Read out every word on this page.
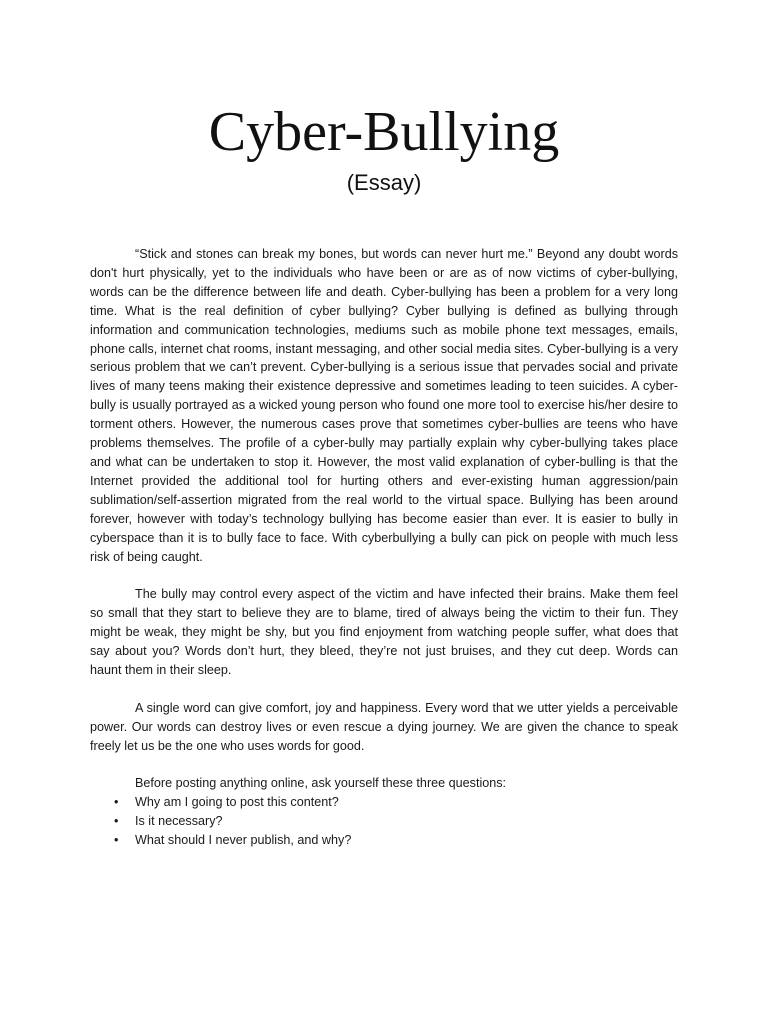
Cyber-Bullying
(Essay)

“Stick and stones can break my bones, but words can never hurt me.” Beyond any doubt words don't hurt physically, yet to the individuals who have been or are as of now victims of cyber-bullying, words can be the difference between life and death. Cyber-bullying has been a problem for a very long time. What is the real definition of cyber bullying? Cyber bullying is defined as bullying through information and communication technologies, mediums such as mobile phone text messages, emails, phone calls, internet chat rooms, instant messaging, and other social media sites. Cyber-bullying is a very serious problem that we can’t prevent. Cyber-bullying is a serious issue that pervades social and private lives of many teens making their existence depressive and sometimes leading to teen suicides. A cyber-bully is usually portrayed as a wicked young person who found one more tool to exercise his/her desire to torment others. However, the numerous cases prove that sometimes cyber-bullies are teens who have problems themselves. The profile of a cyber-bully may partially explain why cyber-bullying takes place and what can be undertaken to stop it. However, the most valid explanation of cyber-bulling is that the Internet provided the additional tool for hurting others and ever-existing human aggression/pain sublimation/self-assertion migrated from the real world to the virtual space. Bullying has been around forever, however with today’s technology bullying has become easier than ever. It is easier to bully in cyberspace than it is to bully face to face. With cyberbullying a bully can pick on people with much less risk of being caught.

The bully may control every aspect of the victim and have infected their brains. Make them feel so small that they start to believe they are to blame, tired of always being the victim to their fun. They might be weak, they might be shy, but you find enjoyment from watching people suffer, what does that say about you? Words don’t hurt, they bleed, they’re not just bruises, and they cut deep. Words can haunt them in their sleep.

A single word can give comfort, joy and happiness. Every word that we utter yields a perceivable power. Our words can destroy lives or even rescue a dying journey. We are given the chance to speak freely let us be the one who uses words for good.

Before posting anything online, ask yourself these three questions:

• Why am I going to post this content?
• Is it necessary?
• What should I never publish, and why?
